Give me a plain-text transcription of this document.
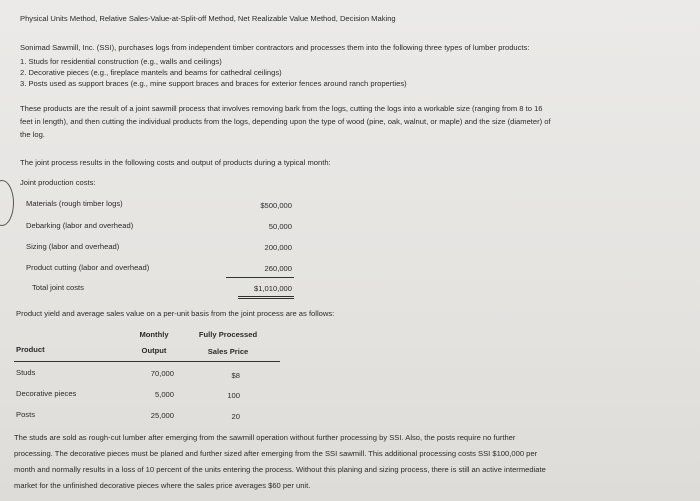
Physical Units Method, Relative Sales-Value-at-Split-off Method, Net Realizable Value Method, Decision Making
Sonimad Sawmill, Inc. (SSI), purchases logs from independent timber contractors and processes them into the following three types of lumber products:
1. Studs for residential construction (e.g., walls and ceilings)
2. Decorative pieces (e.g., fireplace mantels and beams for cathedral ceilings)
3. Posts used as support braces (e.g., mine support braces and braces for exterior fences around ranch properties)
These products are the result of a joint sawmill process that involves removing bark from the logs, cutting the logs into a workable size (ranging from 8 to 16
feet in length), and then cutting the individual products from the logs, depending upon the type of wood (pine, oak, walnut, or maple) and the size (diameter) of
the log.
The joint process results in the following costs and output of products during a typical month:
Joint production costs:
Materials (rough timber logs)	$500,000
Debarking (labor and overhead)	50,000
Sizing (labor and overhead)	200,000
Product cutting (labor and overhead)	260,000
Total joint costs	$1,010,000
Product yield and average sales value on a per-unit basis from the joint process are as follows:
Monthly	Fully Processed
Product	Output	Sales Price
Studs	70,000	$8
Decorative pieces	5,000	100
Posts	25,000	20
The studs are sold as rough-cut lumber after emerging from the sawmill operation without further processing by SSI. Also, the posts require no further
processing. The decorative pieces must be planed and further sized after emerging from the SSI sawmill. This additional processing costs SSI $100,000 per
month and normally results in a loss of 10 percent of the units entering the process. Without this planing and sizing process, there is still an active intermediate
market for the unfinished decorative pieces where the sales price averages $60 per unit.
